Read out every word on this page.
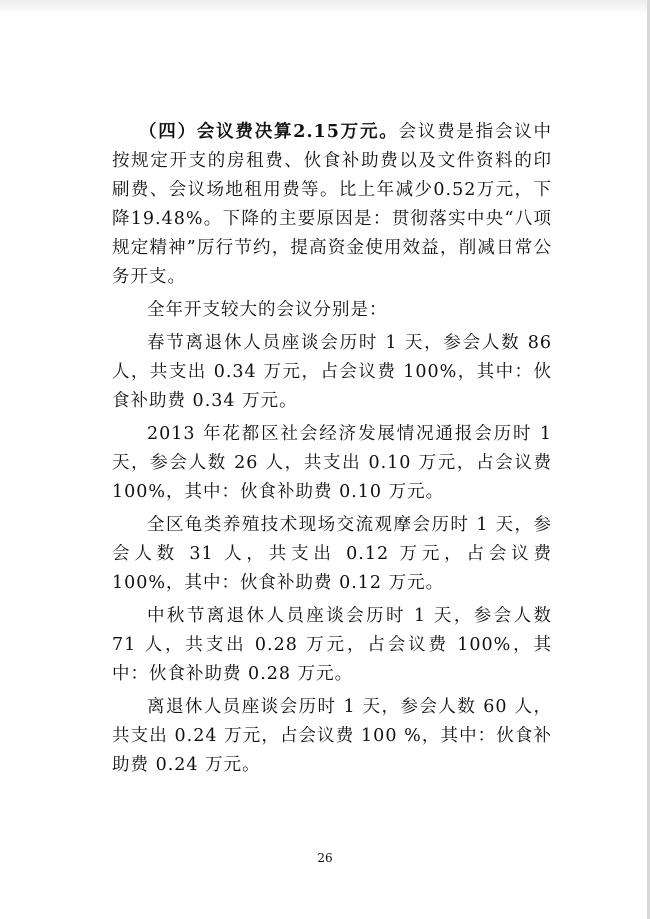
（四）会议费决算2.15万元。会议费是指会议中按规定开支的房租费、伙食补助费以及文件资料的印刷费、会议场地租用费等。比上年减少0.52万元，下降19.48%。下降的主要原因是：贯彻落实中央“八项规定精神”厉行节约，提高资金使用效益，削减日常公务开支。

全年开支较大的会议分别是：

春节离退休人员座谈会历时 1 天，参会人数 86 人，共支出 0.34 万元，占会议费 100%，其中：伙食补助费 0.34 万元。

2013 年花都区社会经济发展情况通报会历时 1 天，参会人数 26 人，共支出 0.10 万元，占会议费 100%，其中：伙食补助费 0.10 万元。

全区龟类养殖技术现场交流观摩会历时 1 天，参会人数 31 人，共支出 0.12 万元，占会议费 100%，其中：伙食补助费 0.12 万元。

中秋节离退休人员座谈会历时 1 天，参会人数 71 人，共支出 0.28 万元，占会议费 100%，其中：伙食补助费 0.28 万元。

离退休人员座谈会历时 1 天，参会人数 60 人，共支出 0.24 万元，占会议费 100 %，其中：伙食补助费 0.24 万元。

26
